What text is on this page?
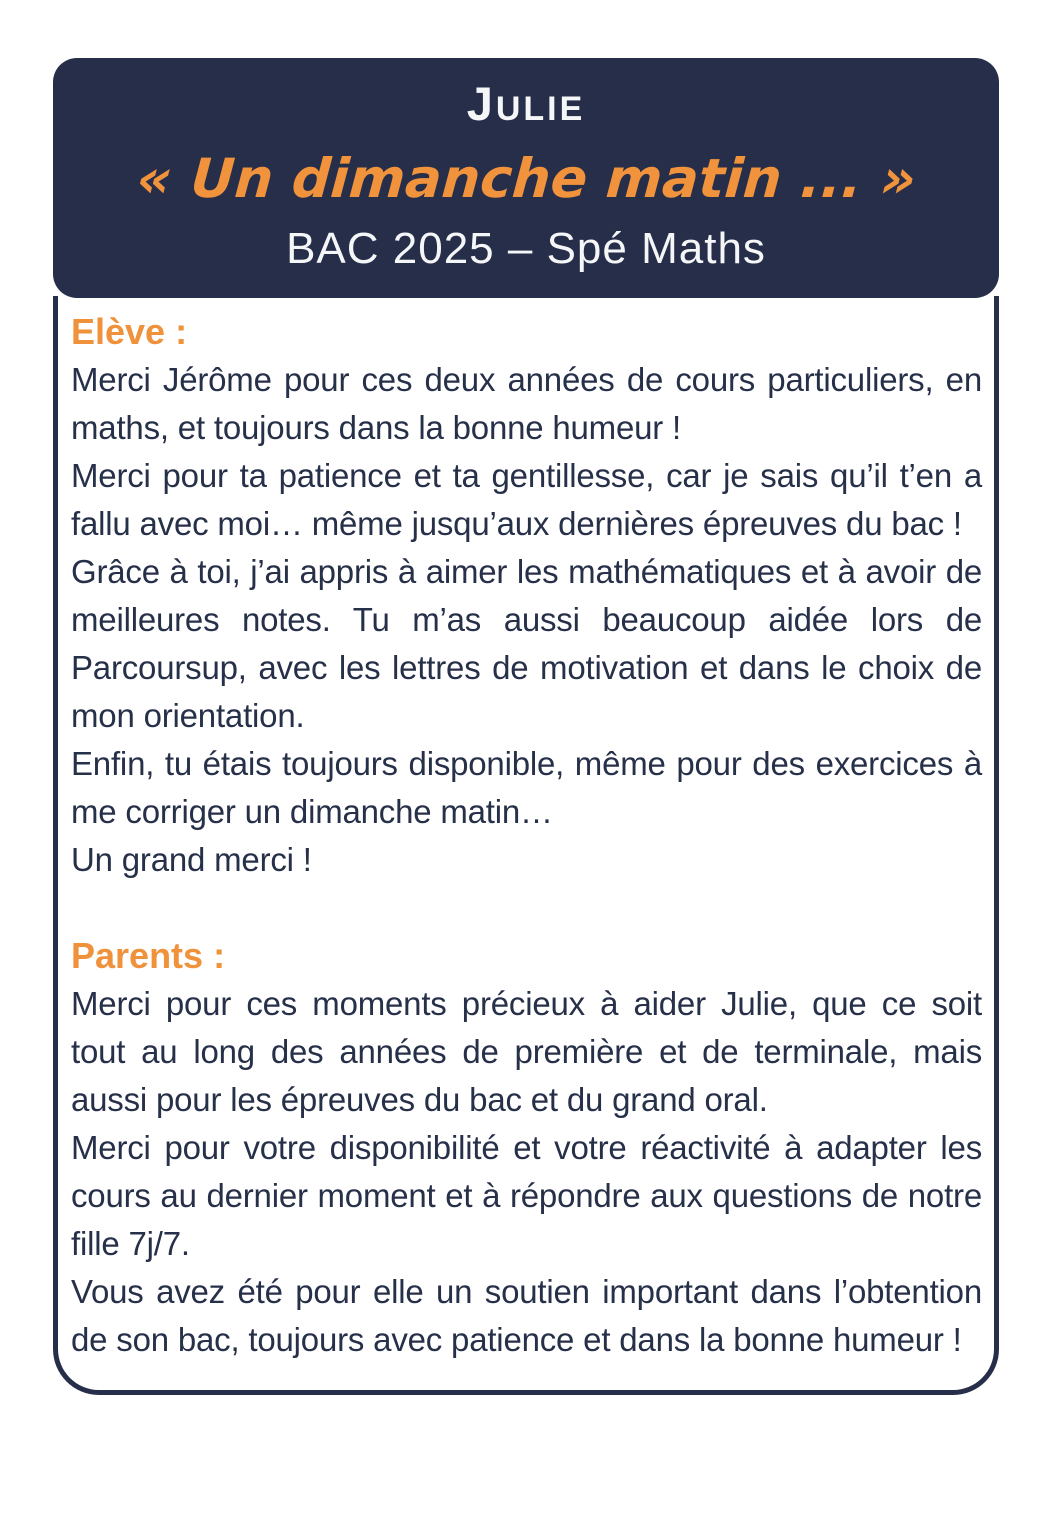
JULIE
« Un dimanche matin ... »
BAC 2025 – Spé Maths
Elève :

Merci Jérôme pour ces deux années de cours particuliers, en maths, et toujours dans la bonne humeur !

Merci pour ta patience et ta gentillesse, car je sais qu’il t’en a fallu avec moi… même jusqu’aux dernières épreuves du bac !

Grâce à toi, j’ai appris à aimer les mathématiques et à avoir de meilleures notes. Tu m’as aussi beaucoup aidée lors de Parcoursup, avec les lettres de motivation et dans le choix de mon orientation.

Enfin, tu étais toujours disponible, même pour des exercices à me corriger un dimanche matin…

Un grand merci !

Parents :

Merci pour ces moments précieux à aider Julie, que ce soit tout au long des années de première et de terminale, mais aussi pour les épreuves du bac et du grand oral.

Merci pour votre disponibilité et votre réactivité à adapter les cours au dernier moment et à répondre aux questions de notre fille 7j/7.

Vous avez été pour elle un soutien important dans l’obtention de son bac, toujours avec patience et dans la bonne humeur !
